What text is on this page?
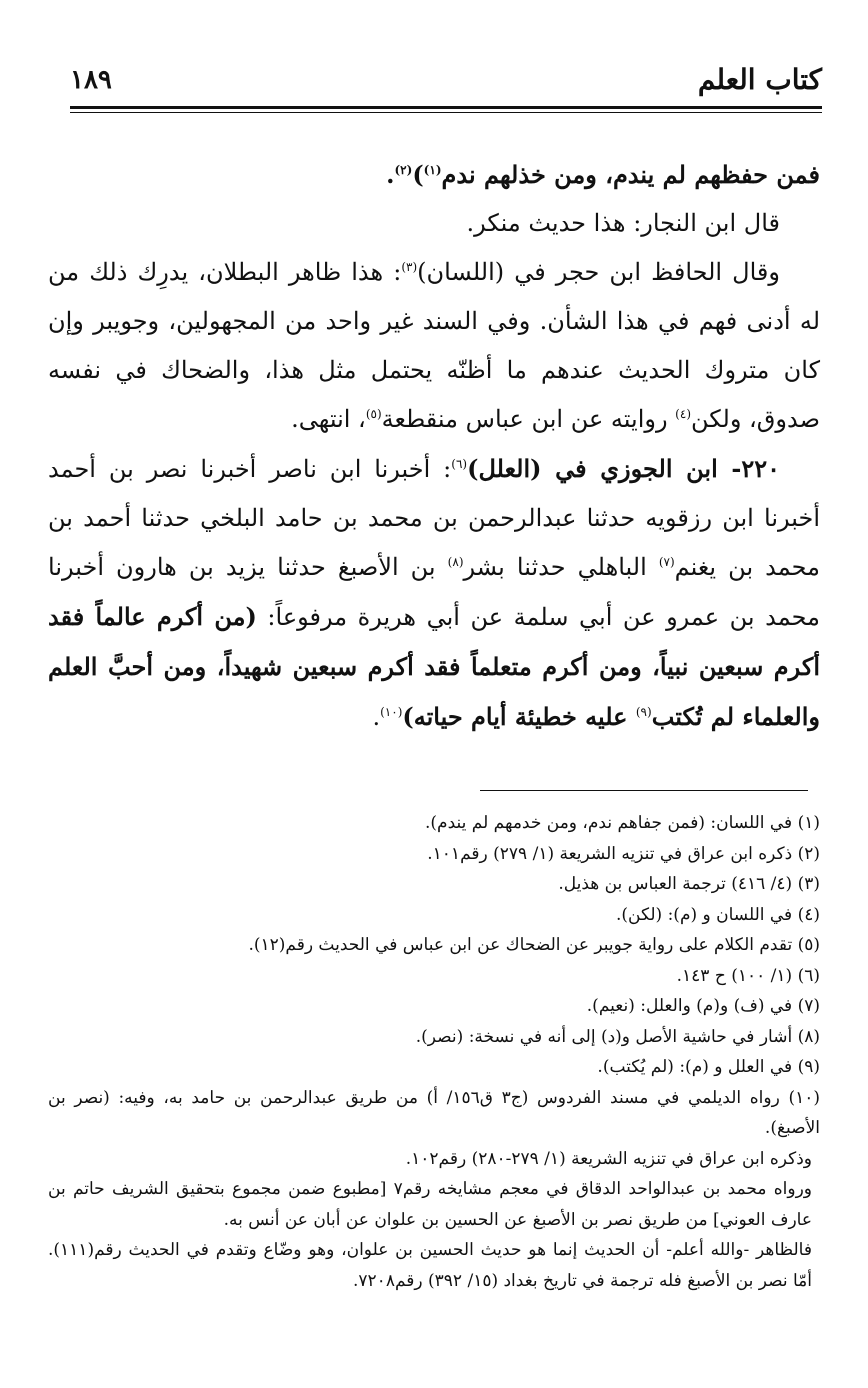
كتاب العلم
١٨٩

فمن حفظهم لم يندم، ومن خذلهم ندم$^{(١)}$)$^{(٢)}$.

قال ابن النجار: هذا حديث منكر.

وقال الحافظ ابن حجر في (اللسان)$^{(٣)}$: هذا ظاهر البطلان، يدرِك ذلك من له أدنى فهم في هذا الشأن. وفي السند غير واحد من المجهولين، وجويبر وإن كان متروك الحديث عندهم ما أظنّه يحتمل مثل هذا، والضحاك في نفسه صدوق، ولكن$^{(٤)}$ روايته عن ابن عباس منقطعة$^{(٥)}$، انتهى.

٢٢٠- ابن الجوزي في (العلل)$^{(٦)}$: أخبرنا ابن ناصر أخبرنا نصر بن أحمد أخبرنا ابن رزقويه حدثنا عبدالرحمن بن محمد بن حامد البلخي حدثنا أحمد بن محمد بن يغنم$^{(٧)}$ الباهلي حدثنا بشر$^{(٨)}$ بن الأصبغ حدثنا يزيد بن هارون أخبرنا محمد بن عمرو عن أبي سلمة عن أبي هريرة مرفوعاً: (من أكرم عالماً فقد أكرم سبعين نبياً، ومن أكرم متعلماً فقد أكرم سبعين شهيداً، ومن أحبَّ العلم والعلماء لم تُكتب$^{(٩)}$ عليه خطيئة أيام حياته)$^{(١٠)}$.

(١) في اللسان: (فمن جفاهم ندم، ومن خدمهم لم يندم).

(٢) ذكره ابن عراق في تنزيه الشريعة (١/ ٢٧٩) رقم١٠١.

(٣) (٤/ ٤١٦) ترجمة العباس بن هذيل.

(٤) في اللسان و (م): (لكن).

(٥) تقدم الكلام على رواية جويبر عن الضحاك عن ابن عباس في الحديث رقم(١٢).

(٦) (١/ ١٠٠) ح ١٤٣.

(٧) في (ف) و(م) والعلل: (نعيم).

(٨) أشار في حاشية الأصل و(د) إلى أنه في نسخة: (نصر).

(٩) في العلل و (م): (لم يُكتب).

(١٠) رواه الديلمي في مسند الفردوس (ج٣ ق١٥٦/ أ) من طريق عبدالرحمن بن حامد به، وفيه: (نصر بن الأصبغ).

وذكره ابن عراق في تنزيه الشريعة (١/ ٢٧٩-٢٨٠) رقم١٠٢.

ورواه محمد بن عبدالواحد الدقاق في معجم مشايخه رقم٧ [مطبوع ضمن مجموع بتحقيق الشريف حاتم بن عارف العوني] من طريق نصر بن الأصبغ عن الحسين بن علوان عن أبان عن أنس به.

فالظاهر -والله أعلم- أن الحديث إنما هو حديث الحسين بن علوان، وهو وضّاع وتقدم في الحديث رقم(١١١). أمّا نصر بن الأصبغ فله ترجمة في تاريخ بغداد (١٥/ ٣٩٢) رقم٧٢٠٨.
